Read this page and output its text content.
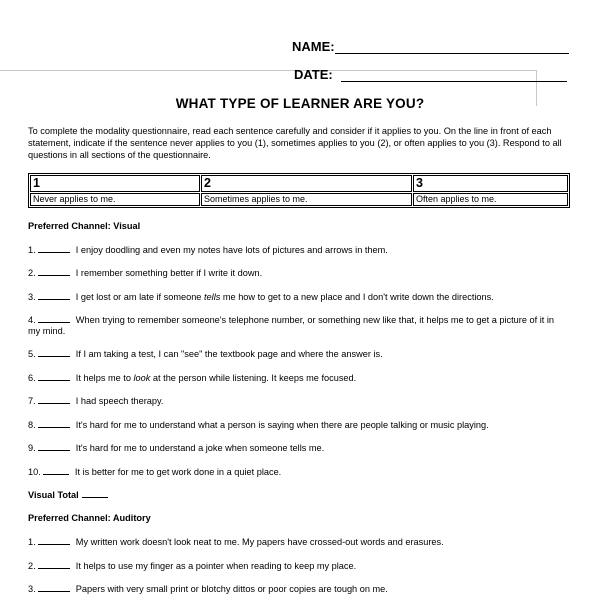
NAME:
DATE:
WHAT TYPE OF LEARNER ARE YOU?
To complete the modality questionnaire, read each sentence carefully and consider if it applies to you. On the line in front of each statement, indicate if the sentence never applies to you (1), sometimes applies to you (2), or often applies to you (3). Respond to all questions in all sections of the questionnaire.
1	2	3
Never applies to me.	Sometimes applies to me.	Often applies to me.
Preferred Channel: Visual
1.	I enjoy doodling and even my notes have lots of pictures and arrows in them.
2.	I remember something better if I write it down.
3.	I get lost or am late if someone tells me how to get to a new place and I don't write down the directions.
4.	When trying to remember someone's telephone number, or something new like that, it helps me to get a picture of it in my mind.
5.	If I am taking a test, I can "see" the textbook page and where the answer is.
6.	It helps me to look at the person while listening. It keeps me focused.
7.	I had speech therapy.
8.	It's hard for me to understand what a person is saying when there are people talking or music playing.
9.	It's hard for me to understand a joke when someone tells me.
10.	It is better for me to get work done in a quiet place.
Visual Total
Preferred Channel: Auditory
1.	My written work doesn't look neat to me. My papers have crossed-out words and erasures.
2.	It helps to use my finger as a pointer when reading to keep my place.
3.	Papers with very small print or blotchy dittos or poor copies are tough on me.
